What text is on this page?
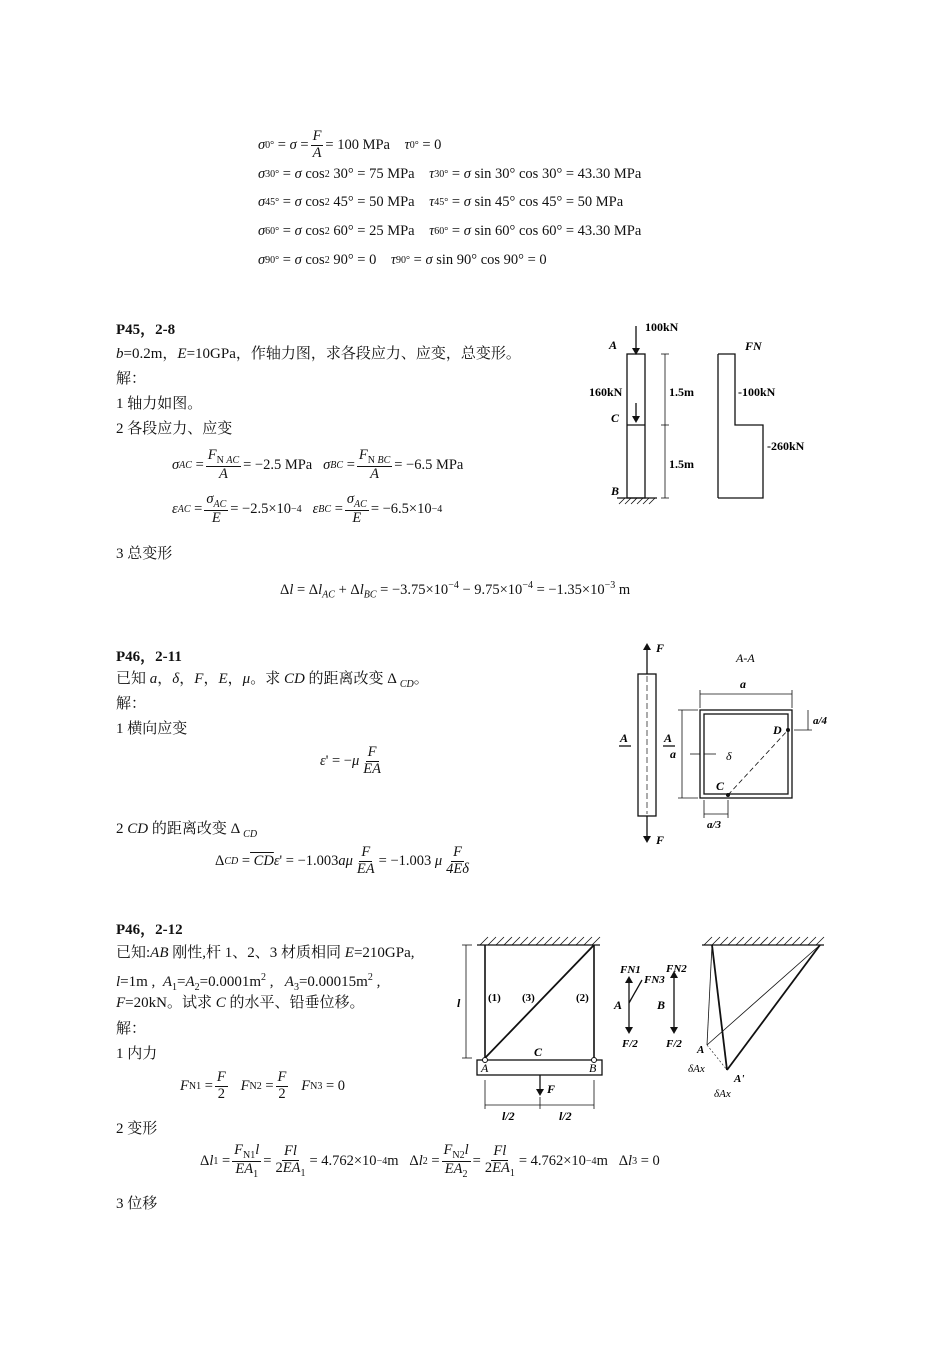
σ $0^\circ = \sigma = \frac{F}{A} = 100$ MPa τ 0° = 0
σ 30° = σ cos 2 30° = 75 MPa τ 30° = σ sin 30° cos 30° = 43.30 MPa
σ 45° = σ cos 2 45° = 50 MPa τ 45° = σ sin 45° cos 45° = 50 MPa
σ 60° = σ cos 2 60° = 25 MPa τ 60° = σ sin 60° cos 60° = 43.30 MPa
σ 90° = σ cos 2 90° = 0 τ 90° = σ sin 90° cos 90° = 0
P45，2-8
b=0.2m，E=10GPa，作轴力图，求各段应力、应变，总变形。
解：
1 轴力如图。
2 各段应力、应变
σ AC = $\frac{F_{N AC}}{A} = -2.5$ MPa σ BC = $\frac{F_{N BC}}{A} = -6.5$ MPa
ε AC = $\frac{\sigma_{AC}}{E} = -2.5\times 10 -4$
ε BC = $\frac{\sigma_{AC}}{E} = -6.5\times 10 -4$
3 总变形
$\Delta l = \Delta l_{AC} + \Delta l_{BC} = -3.75\times 10^{-4} - 9.75\times 10^{-4} = -1.35\times 10^{-3}$ m
100kN
A
160kN
C
B
1.5m
1.5m
FN
-100kN
-260kN
P46，2-11
已知 a，δ，F，E，μ。求 CD 的距离改变 Δ $_{CD}$。
解：
1 横向应变
ε ' = − μ $\frac{F}{EA}$
2 CD 的距离改变 Δ $_{CD}$
Δ CD = CD ε ' = −1.003 aμ $\frac{F}{EA} = -1.003$ μ $\frac{F}{4E\delta}$
F
F
A	A
A-A
a
a
a/4
a/3
δ
C
D
P46，2-12
已知:AB 刚性,杆 1、2、3 材质相同 E=210GPa,
l=1m ,  $A_1=A_2=0.0001m^2$ ,   $A_3=0.00015m^2$ ,
F=20kN。试求 C 的水平、铅垂位移。
解：
1 内力
F $N1 = \frac{F}{2}$
F $N2 = \frac{F}{2}$
F N3 = 0
2 变形
Δ l $1 = \frac{F_{N1}l}{EA_1} = \frac{Fl}{2EA_1} = 4.762\times 10 -4$ m   Δ l $2 = \frac{F_{N2}l}{EA_2} = \frac{Fl}{2EA_1} = 4.762\times 10 -4$ m   Δ l 3 = 0
3 位移
l	(1) (3)	(2)
A	B
C
F
l/2	l/2
FN1
FN3
FN2
A	B
F/2	F/2 A
A'
δAx
δAx
